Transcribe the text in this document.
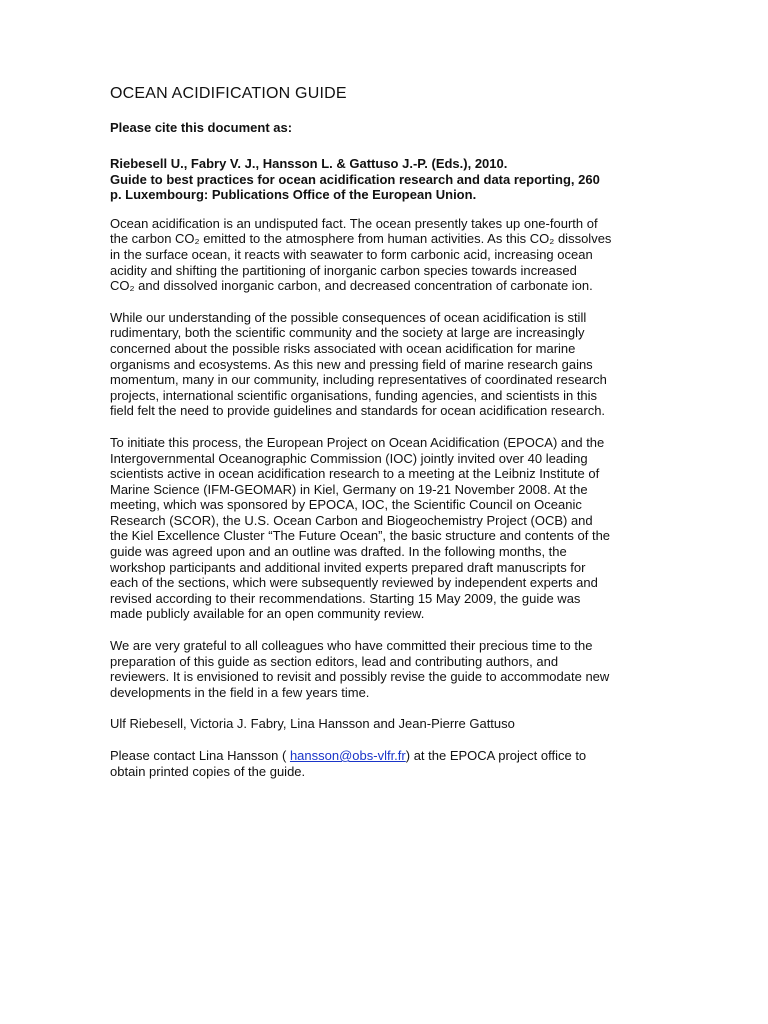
OCEAN ACIDIFICATION GUIDE
Please cite this document as:
Riebesell U., Fabry V. J., Hansson L. & Gattuso J.-P. (Eds.), 2010.
Guide to best practices for ocean acidification research and data reporting, 260
p. Luxembourg: Publications Office of the European Union.
Ocean acidification is an undisputed fact. The ocean presently takes up one-fourth of
the carbon CO₂ emitted to the atmosphere from human activities. As this CO₂ dissolves
in the surface ocean, it reacts with seawater to form carbonic acid, increasing ocean
acidity and shifting the partitioning of inorganic carbon species towards increased
CO₂ and dissolved inorganic carbon, and decreased concentration of carbonate ion.
While our understanding of the possible consequences of ocean acidification is still
rudimentary, both the scientific community and the society at large are increasingly
concerned about the possible risks associated with ocean acidification for marine
organisms and ecosystems. As this new and pressing field of marine research gains
momentum, many in our community, including representatives of coordinated research
projects, international scientific organisations, funding agencies, and scientists in this
field felt the need to provide guidelines and standards for ocean acidification research.
To initiate this process, the European Project on Ocean Acidification (EPOCA) and the
Intergovernmental Oceanographic Commission (IOC) jointly invited over 40 leading
scientists active in ocean acidification research to a meeting at the Leibniz Institute of
Marine Science (IFM-GEOMAR) in Kiel, Germany on 19-21 November 2008. At the
meeting, which was sponsored by EPOCA, IOC, the Scientific Council on Oceanic
Research (SCOR), the U.S. Ocean Carbon and Biogeochemistry Project (OCB) and
the Kiel Excellence Cluster “The Future Ocean”, the basic structure and contents of the
guide was agreed upon and an outline was drafted. In the following months, the
workshop participants and additional invited experts prepared draft manuscripts for
each of the sections, which were subsequently reviewed by independent experts and
revised according to their recommendations. Starting 15 May 2009, the guide was
made publicly available for an open community review.
We are very grateful to all colleagues who have committed their precious time to the
preparation of this guide as section editors, lead and contributing authors, and
reviewers. It is envisioned to revisit and possibly revise the guide to accommodate new
developments in the field in a few years time.
Ulf Riebesell, Victoria J. Fabry, Lina Hansson and Jean-Pierre Gattuso
Please contact Lina Hansson ( hansson@obs-vlfr.fr) at the EPOCA project office to
obtain printed copies of the guide.
